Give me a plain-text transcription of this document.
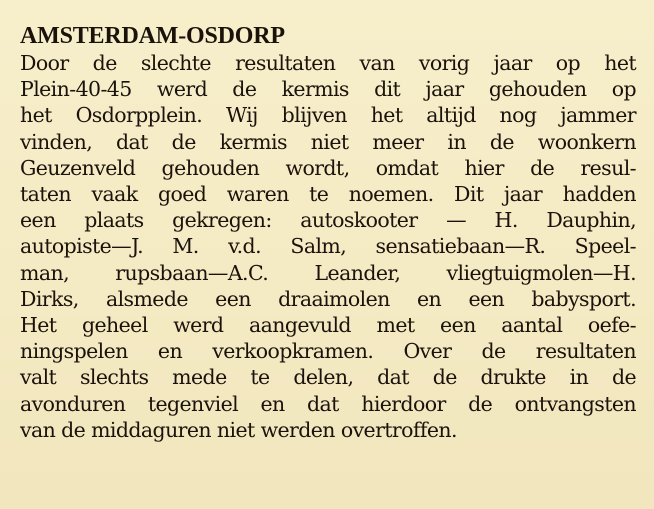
AMSTERDAM-OSDORP

Door de slechte resultaten van vorig jaar op het

Plein-40-45 werd de kermis dit jaar gehouden op

het Osdorpplein. Wij blijven het altijd nog jammer

vinden, dat de kermis niet meer in de woonkern

Geuzenveld gehouden wordt, omdat hier de resul-

taten vaak goed waren te noemen. Dit jaar hadden

een plaats gekregen: autoskooter — H. Dauphin,

autopiste—J. M. v.d. Salm, sensatiebaan—R. Speel-

man, rupsbaan—A.C. Leander, vliegtuigmolen—H.

Dirks, alsmede een draaimolen en een babysport.

Het geheel werd aangevuld met een aantal oefe-

ningspelen en verkoopkramen. Over de resultaten

valt slechts mede te delen, dat de drukte in de

avonduren tegenviel en dat hierdoor de ontvangsten

van de middaguren niet werden overtroffen.
